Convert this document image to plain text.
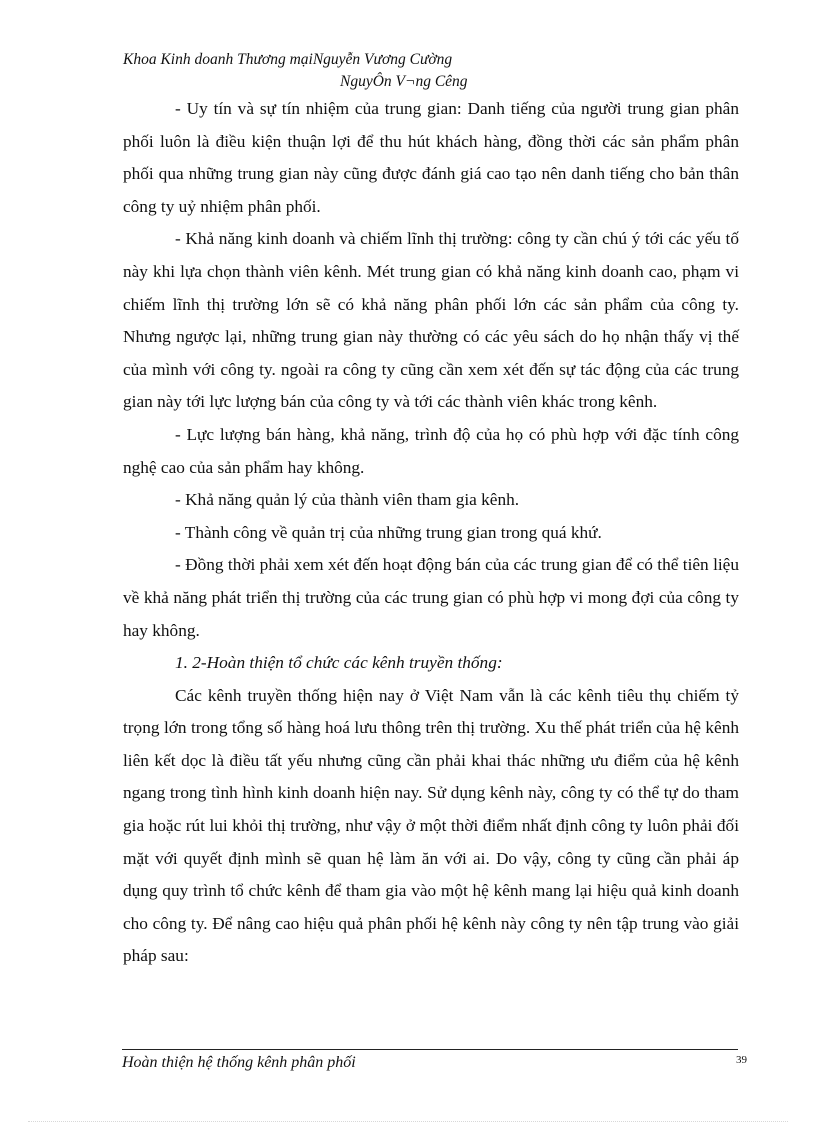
Khoa Kinh doanh Thương mạiNguyễn Vương Cường
NguyÔn V¬ng Cêng

- Uy tín và sự tín nhiệm của trung gian: Danh tiếng của người trung gian phân phối luôn là điều kiện thuận lợi để thu hút khách hàng, đồng thời các sản phẩm phân phối qua những trung gian này cũng được đánh giá cao tạo nên danh tiếng cho bản thân công ty uỷ nhiệm phân phối.

- Khả năng kinh doanh và chiếm lĩnh thị trường: công ty cần chú ý tới các yếu tố này khi lựa chọn thành viên kênh. Mét trung gian có khả năng kinh doanh cao, phạm vi chiếm lĩnh thị trường lớn sẽ có khả năng phân phối lớn các sản phẩm của công ty. Nhưng ngược lại, những trung gian này thường có các yêu sách do họ nhận thấy vị thế của mình với công ty. ngoài ra công ty cũng cần xem xét đến sự tác động của các trung gian này tới lực lượng bán của công ty và tới các thành viên khác trong kênh.

- Lực lượng bán hàng, khả năng, trình độ của họ có phù hợp với đặc tính công nghệ cao của sản phẩm hay không.

- Khả năng quản lý của thành viên tham gia kênh.

- Thành công về quản trị của những trung gian trong quá khứ.

- Đồng thời phải xem xét đến hoạt động bán của các trung gian để có thể tiên liệu về khả năng phát triển thị trường của các trung gian có phù hợp vi mong đợi của công ty hay không.

1. 2-Hoàn thiện tổ chức các kênh truyền thống:

Các kênh truyền thống hiện nay ở Việt Nam vẫn là các kênh tiêu thụ chiếm tỷ trọng lớn trong tổng số hàng hoá lưu thông trên thị trường. Xu thế phát triển của hệ kênh liên kết dọc là điều tất yếu nhưng cũng cần phải khai thác những ưu điểm của hệ kênh ngang trong tình hình kinh doanh hiện nay. Sử dụng kênh này, công ty có thể tự do tham gia hoặc rút lui khỏi thị trường, như vậy ở một thời điểm nhất định công ty luôn phải đối mặt với quyết định mình sẽ quan hệ làm ăn với ai. Do vậy, công ty cũng cần phải áp dụng quy trình tổ chức kênh để tham gia vào một hệ kênh mang lại hiệu quả kinh doanh cho công ty. Để nâng cao hiệu quả phân phối hệ kênh này công ty nên tập trung vào giải pháp sau:

Hoàn thiện hệ thống kênh phân phối	39
